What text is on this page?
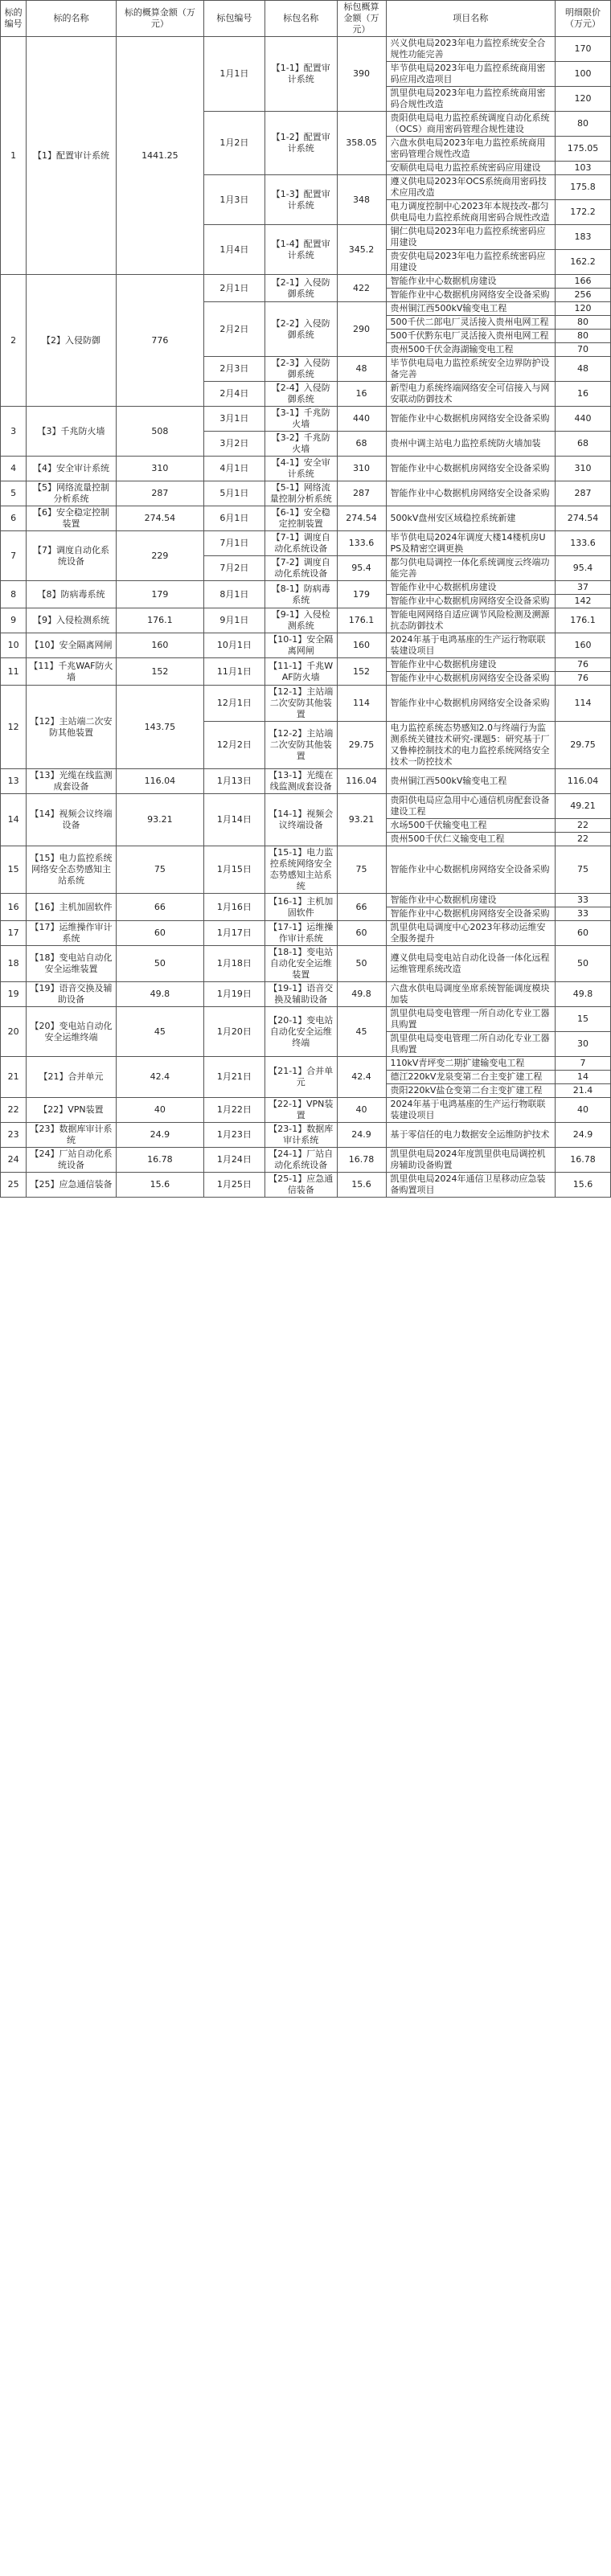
标的编号	标的名称	标的概算金额（万元）	标包编号	标包名称	标包概算金额（万元）	项目名称	明细限价（万元）
1	【1】配置审计系统	1441.25	1月1日	【1-1】配置审计系统	390	兴义供电局2023年电力监控系统安全合规性功能完善	170
						毕节供电局2023年电力监控系统商用密码应用改造项目	100
						凯里供电局2023年电力监控系统商用密码合规性改造	120
			1月2日	【1-2】配置审计系统	358.05	贵阳供电局电力监控系统调度自动化系统（OCS）商用密码管理合规性建设	80
						六盘水供电局2023年电力监控系统商用密码管理合规性改造	175.05
						安顺供电局电力监控系统密码应用建设	103
			1月3日	【1-3】配置审计系统	348	遵义供电局2023年OCS系统商用密码技术应用改造	175.8
						电力调度控制中心2023年本规技改-都匀供电局电力监控系统商用密码合规性改造	172.2
			1月4日	【1-4】配置审计系统	345.2	铜仁供电局2023年电力监控系统密码应用建设	183
						贵安供电局2023年电力监控系统密码应用建设	162.2
2	【2】入侵防御	776	2月1日	【2-1】入侵防御系统	422	智能作业中心数据机房建设	166
						智能作业中心数据机房网络安全设备采购	256
			2月2日	【2-2】入侵防御系统	290	贵州铜江西500kV输变电工程	120
						500千伏二郎电厂灵活接入贵州电网工程	80
						500千伏黔东电厂灵活接入贵州电网工程	80
						贵州500千伏金海湖输变电工程	70
			2月3日	【2-3】入侵防御系统	48	毕节供电局电力监控系统安全边界防护设备完善	48
			2月4日	【2-4】入侵防御系统	16	新型电力系统终端网络安全可信接入与网安联动防御技术	16
3	【3】千兆防火墙	508	3月1日	【3-1】千兆防火墙	440	智能作业中心数据机房网络安全设备采购	440
			3月2日	【3-2】千兆防火墙	68	贵州中调主站电力监控系统防火墙加装	68
4	【4】安全审计系统	310	4月1日	【4-1】安全审计系统	310	智能作业中心数据机房网络安全设备采购	310
5	【5】网络流量控制分析系统	287	5月1日	【5-1】网络流量控制分析系统	287	智能作业中心数据机房网络安全设备采购	287
6	【6】安全稳定控制装置	274.54	6月1日	【6-1】安全稳定控制装置	274.54	500kV盘州安区域稳控系统新建	274.54
7	【7】调度自动化系统设备	229	7月1日	【7-1】调度自动化系统设备	133.6	毕节供电局2024年调度大楼14楼机房UPS及精密空调更换	133.6
			7月2日	【7-2】调度自动化系统设备	95.4	都匀供电局调控一体化系统调度云终端功能完善	95.4
8	【8】防病毒系统	179	8月1日	【8-1】防病毒系统	179	智能作业中心数据机房建设	37
						智能作业中心数据机房网络安全设备采购	142
9	【9】入侵检测系统	176.1	9月1日	【9-1】入侵检测系统	176.1	智能电网网络自适应调节风险检测及溯源抗态防御技术	176.1
10	【10】安全隔离网闸	160	10月1日	【10-1】安全隔离网闸	160	2024年基于电鸿基座的生产运行物联联装建设项目	160
11	【11】千兆WAF防火墙	152	11月1日	【11-1】千兆WAF防火墙	152	智能作业中心数据机房建设	76
						智能作业中心数据机房网络安全设备采购	76
12	【12】主站端二次安防其他装置	143.75	12月1日	【12-1】主站端二次安防其他装置	114	智能作业中心数据机房网络安全设备采购	114
			12月2日	【12-2】主站端二次安防其他装置	29.75	电力监控系统态势感知2.0与终端行为监测系统关键技术研究-课题5：研究基于厂又鲁棒控制技术的电力监控系统网络安全技术一防控技术	29.75
13	【13】光缆在线监测成套设备	116.04	1月13日	【13-1】光缆在线监测成套设备	116.04	贵州铜江西500kV输变电工程	116.04
14	【14】视频会议终端设备	93.21	1月14日	【14-1】视频会议终端设备	93.21	贵阳供电局应急用中心通信机房配套设备建设工程	49.21
						水场500千伏输变电工程	22
						贵州500千伏仁义输变电工程	22
15	【15】电力监控系统网络安全态势感知主站系统	75	1月15日	【15-1】电力监控系统网络安全态势感知主站系统	75	智能作业中心数据机房网络安全设备采购	75
16	【16】主机加固软件	66	1月16日	【16-1】主机加固软件	66	智能作业中心数据机房建设	33
						智能作业中心数据机房网络安全设备采购	33
17	【17】运维操作审计系统	60	1月17日	【17-1】运维操作审计系统	60	凯里供电局调度中心2023年移动运维安全服务提升	60
18	【18】变电站自动化安全运维装置	50	1月18日	【18-1】变电站自动化安全运维装置	50	遵义供电局变电站自动化设备一体化远程运维管理系统改造	50
19	【19】语音交换及辅助设备	49.8	1月19日	【19-1】语音交换及辅助设备	49.8	六盘水供电局调度坐席系统智能调度模块加装	49.8
20	【20】变电站自动化安全运维终端	45	1月20日	【20-1】变电站自动化安全运维终端	45	凯里供电局变电管理一所自动化专业工器具购置	15
						凯里供电局变电管理二所自动化专业工器具购置	30
21	【21】合并单元	42.4	1月21日	【21-1】合并单元	42.4	110kV青坪变二期扩建输变电工程	7
						德江220kV龙泉变第二台主变扩建工程	14
						贵阳220kV盐仓变第二台主变扩建工程	21.4
22	【22】VPN装置	40	1月22日	【22-1】VPN装置	40	2024年基于电鸿基座的生产运行物联联装建设项目	40
23	【23】数据库审计系统	24.9	1月23日	【23-1】数据库审计系统	24.9	基于零信任的电力数据安全运维防护技术	24.9
24	【24】厂站自动化系统设备	16.78	1月24日	【24-1】厂站自动化系统设备	16.78	凯里供电局2024年度凯里供电局调控机房辅助设备购置	16.78
25	【25】应急通信装备	15.6	1月25日	【25-1】应急通信装备	15.6	凯里供电局2024年通信卫星移动应急装备购置项目	15.6
